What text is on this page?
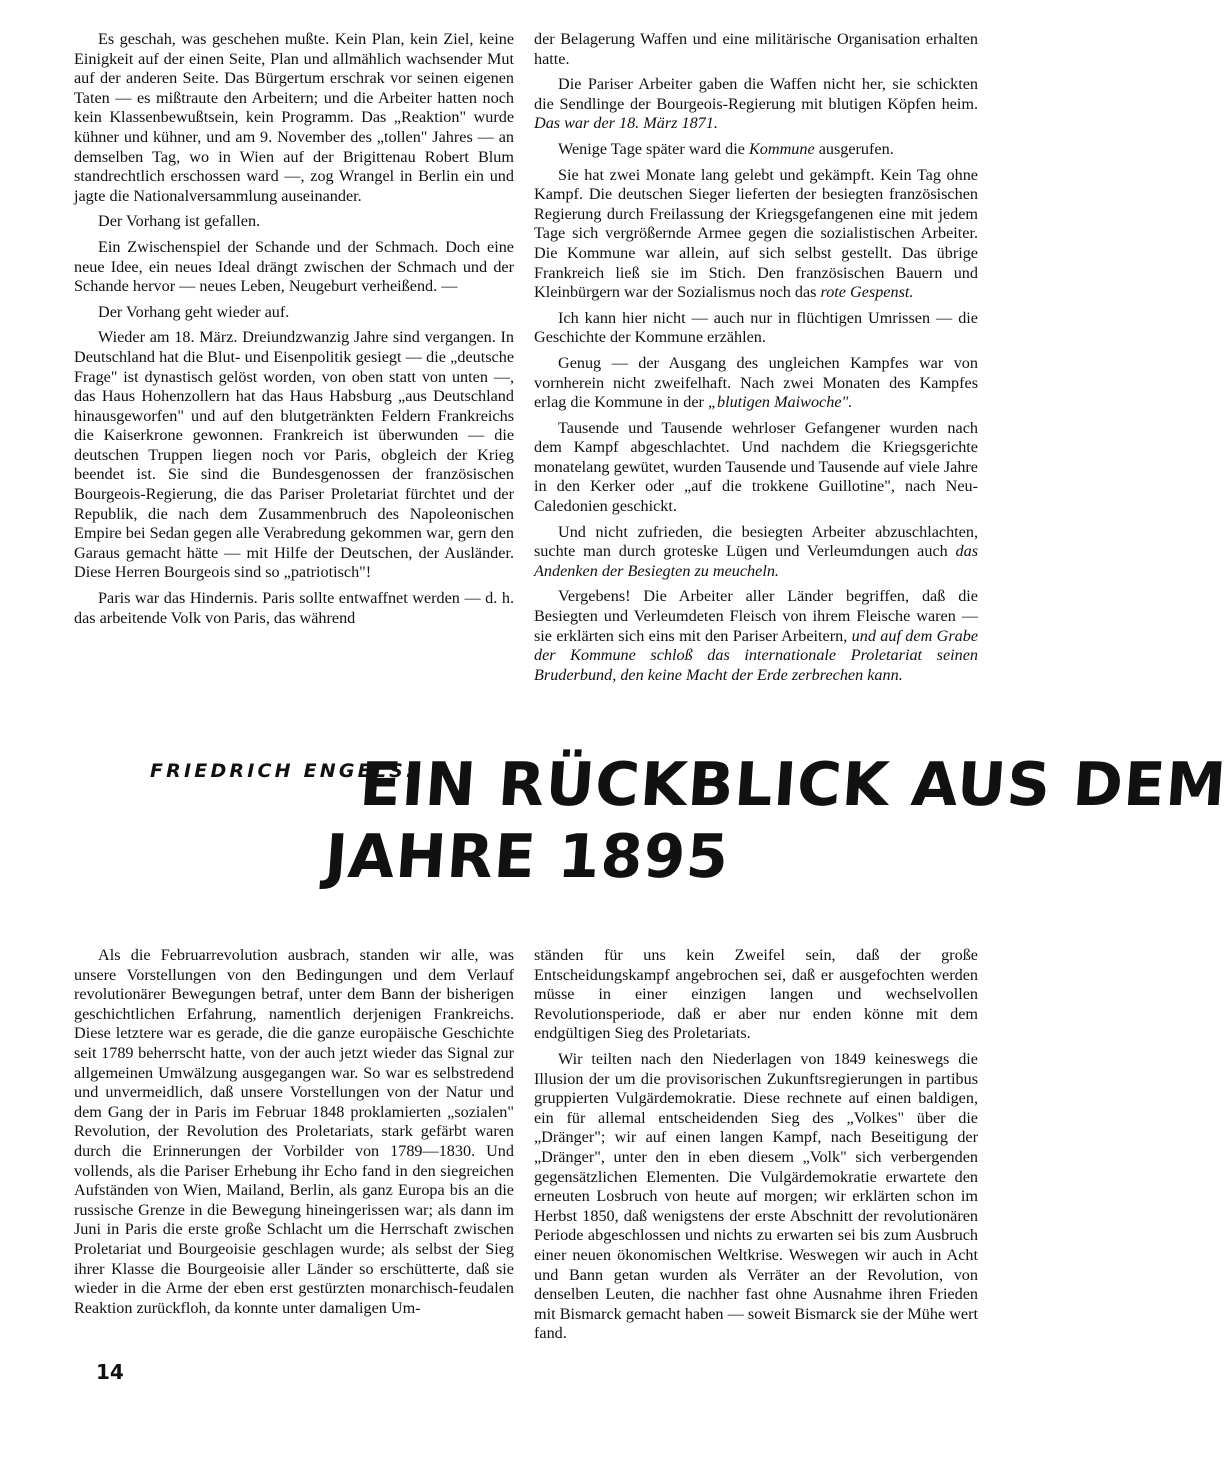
Es geschah, was geschehen mußte. Kein Plan, kein Ziel, keine Einigkeit auf der einen Seite, Plan und allmählich wachsender Mut auf der anderen Seite. Das Bürgertum erschrak vor seinen eigenen Taten — es mißtraute den Arbeitern; und die Arbeiter hatten noch kein Klassenbewußtsein, kein Programm. Das „Reaktion" wurde kühner und kühner, und am 9. November des „tollen" Jahres — an demselben Tag, wo in Wien auf der Brigittenau Robert Blum standrechtlich erschossen ward —, zog Wrangel in Berlin ein und jagte die Nationalversammlung auseinander.

Der Vorhang ist gefallen.

Ein Zwischenspiel der Schande und der Schmach. Doch eine neue Idee, ein neues Ideal drängt zwischen der Schmach und der Schande hervor — neues Leben, Neugeburt verheißend. —

Der Vorhang geht wieder auf.

Wieder am 18. März. Dreiundzwanzig Jahre sind vergangen. In Deutschland hat die Blut- und Eisenpolitik gesiegt — die „deutsche Frage" ist dynastisch gelöst worden, von oben statt von unten —, das Haus Hohenzollern hat das Haus Habsburg „aus Deutschland hinausgeworfen" und auf den blutgetränkten Feldern Frankreichs die Kaiserkrone gewonnen. Frankreich ist überwunden — die deutschen Truppen liegen noch vor Paris, obgleich der Krieg beendet ist. Sie sind die Bundesgenossen der französischen Bourgeois-Regierung, die das Pariser Proletariat fürchtet und der Republik, die nach dem Zusammenbruch des Napoleonischen Empire bei Sedan gegen alle Verabredung gekommen war, gern den Garaus gemacht hätte — mit Hilfe der Deutschen, der Ausländer. Diese Herren Bourgeois sind so „patriotisch"!

Paris war das Hindernis. Paris sollte entwaffnet werden — d. h. das arbeitende Volk von Paris, das während

der Belagerung Waffen und eine militärische Organisation erhalten hatte.

Die Pariser Arbeiter gaben die Waffen nicht her, sie schickten die Sendlinge der Bourgeois-Regierung mit blutigen Köpfen heim. Das war der 18. März 1871.

Wenige Tage später ward die Kommune ausgerufen.

Sie hat zwei Monate lang gelebt und gekämpft. Kein Tag ohne Kampf. Die deutschen Sieger lieferten der besiegten französischen Regierung durch Freilassung der Kriegsgefangenen eine mit jedem Tage sich vergrößernde Armee gegen die sozialistischen Arbeiter. Die Kommune war allein, auf sich selbst gestellt. Das übrige Frankreich ließ sie im Stich. Den französischen Bauern und Kleinbürgern war der Sozialismus noch das rote Gespenst.

Ich kann hier nicht — auch nur in flüchtigen Umrissen — die Geschichte der Kommune erzählen.

Genug — der Ausgang des ungleichen Kampfes war von vornherein nicht zweifelhaft. Nach zwei Monaten des Kampfes erlag die Kommune in der „blutigen Maiwoche".

Tausende und Tausende wehrloser Gefangener wurden nach dem Kampf abgeschlachtet. Und nachdem die Kriegsgerichte monatelang gewütet, wurden Tausende und Tausende auf viele Jahre in den Kerker oder „auf die trokkene Guillotine", nach Neu-Caledonien geschickt.

Und nicht zufrieden, die besiegten Arbeiter abzuschlachten, suchte man durch groteske Lügen und Verleumdungen auch das Andenken der Besiegten zu meucheln.

Vergebens! Die Arbeiter aller Länder begriffen, daß die Besiegten und Verleumdeten Fleisch von ihrem Fleische waren — sie erklärten sich eins mit den Pariser Arbeitern, und auf dem Grabe der Kommune schloß das internationale Proletariat seinen Bruderbund, den keine Macht der Erde zerbrechen kann.

FRIEDRICH ENGELS:
EIN RÜCKBLICK AUS DEM
JAHRE 1895

Als die Februarrevolution ausbrach, standen wir alle, was unsere Vorstellungen von den Bedingungen und dem Verlauf revolutionärer Bewegungen betraf, unter dem Bann der bisherigen geschichtlichen Erfahrung, namentlich derjenigen Frankreichs. Diese letztere war es gerade, die die ganze europäische Geschichte seit 1789 beherrscht hatte, von der auch jetzt wieder das Signal zur allgemeinen Umwälzung ausgegangen war. So war es selbstredend und unvermeidlich, daß unsere Vorstellungen von der Natur und dem Gang der in Paris im Februar 1848 proklamierten „sozialen" Revolution, der Revolution des Proletariats, stark gefärbt waren durch die Erinnerungen der Vorbilder von 1789—1830. Und vollends, als die Pariser Erhebung ihr Echo fand in den siegreichen Aufständen von Wien, Mailand, Berlin, als ganz Europa bis an die russische Grenze in die Bewegung hineingerissen war; als dann im Juni in Paris die erste große Schlacht um die Herrschaft zwischen Proletariat und Bourgeoisie geschlagen wurde; als selbst der Sieg ihrer Klasse die Bourgeoisie aller Länder so erschütterte, daß sie wieder in die Arme der eben erst gestürzten monarchisch-feudalen Reaktion zurückfloh, da konnte unter damaligen Um-

ständen für uns kein Zweifel sein, daß der große Entscheidungskampf angebrochen sei, daß er ausgefochten werden müsse in einer einzigen langen und wechselvollen Revolutionsperiode, daß er aber nur enden könne mit dem endgültigen Sieg des Proletariats.

Wir teilten nach den Niederlagen von 1849 keineswegs die Illusion der um die provisorischen Zukunftsregierungen in partibus gruppierten Vulgärdemokratie. Diese rechnete auf einen baldigen, ein für allemal entscheidenden Sieg des „Volkes" über die „Dränger"; wir auf einen langen Kampf, nach Beseitigung der „Dränger", unter den in eben diesem „Volk" sich verbergenden gegensätzlichen Elementen. Die Vulgärdemokratie erwartete den erneuten Losbruch von heute auf morgen; wir erklärten schon im Herbst 1850, daß wenigstens der erste Abschnitt der revolutionären Periode abgeschlossen und nichts zu erwarten sei bis zum Ausbruch einer neuen ökonomischen Weltkrise. Weswegen wir auch in Acht und Bann getan wurden als Verräter an der Revolution, von denselben Leuten, die nachher fast ohne Ausnahme ihren Frieden mit Bismarck gemacht haben — soweit Bismarck sie der Mühe wert fand.

14
